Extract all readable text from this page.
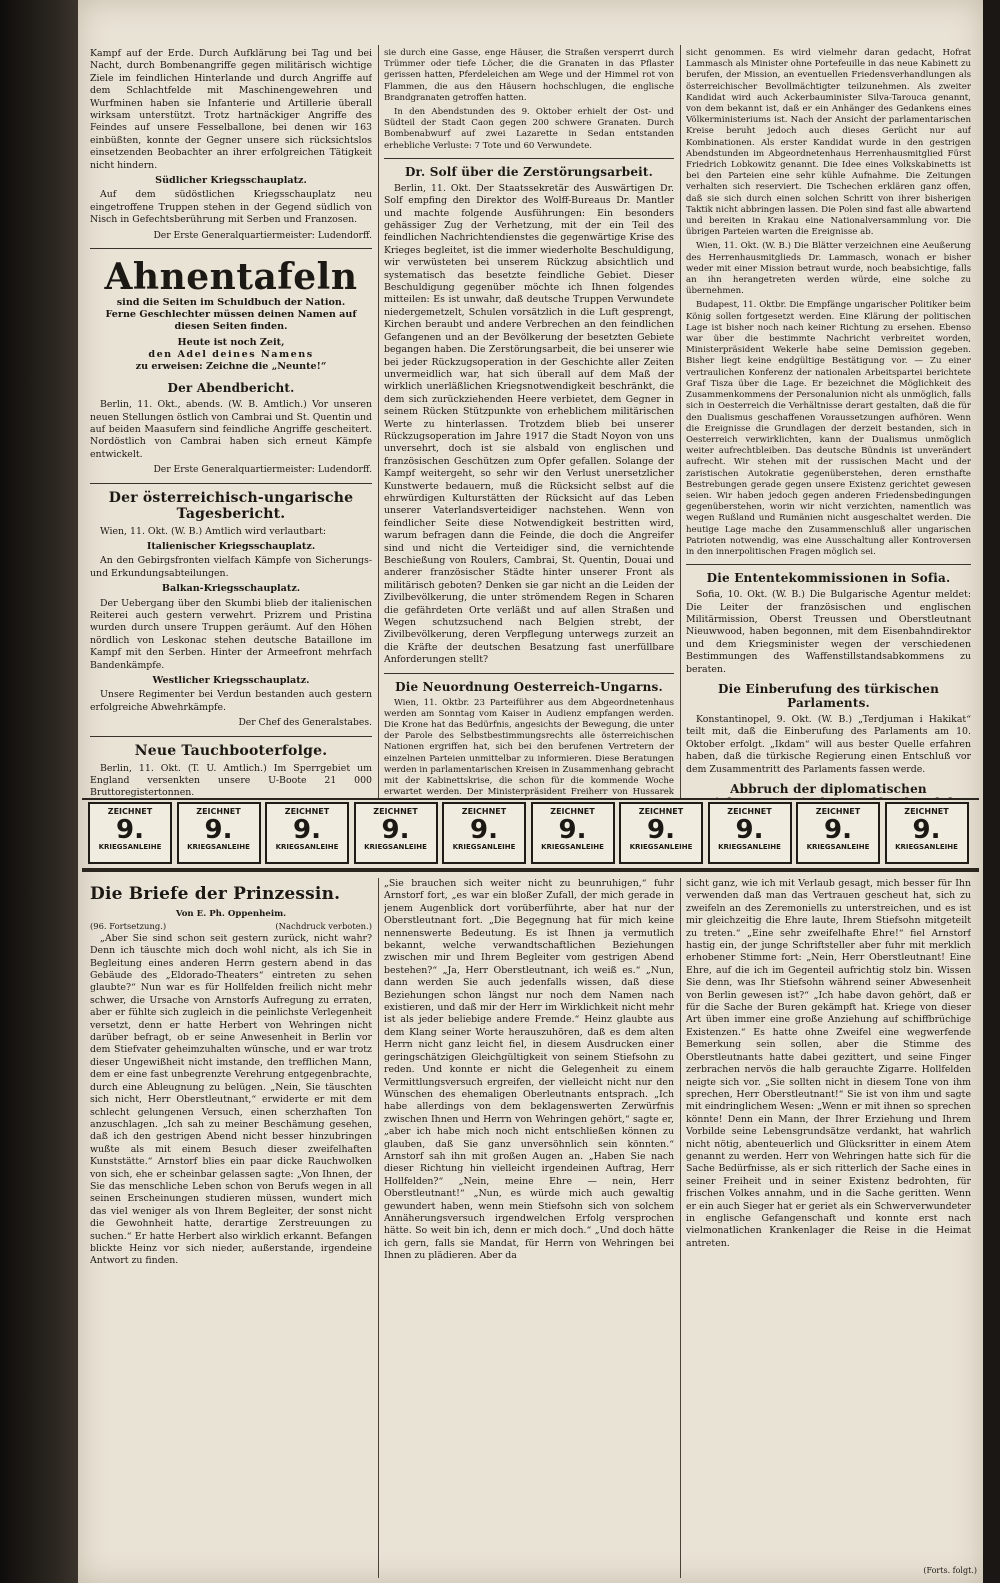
Kampf auf der Erde. Durch Aufklärung bei Tag und bei Nacht, durch Bombenangriffe gegen militärisch wichtige Ziele im feindlichen Hinterlande und durch Angriffe auf dem Schlachtfelde mit Maschinengewehren und Wurfminen haben sie Infanterie und Artillerie überall wirksam unterstützt. Trotz hartnäckiger Angriffe des Feindes auf unsere Fesselballone, bei denen wir 163 einbüßten, konnte der Gegner unsere sich rücksichtslos einsetzenden Beobachter an ihrer erfolgreichen Tätigkeit nicht hindern.

Südlicher Kriegsschauplatz.

Auf dem südöstlichen Kriegsschauplatz neu eingetroffene Truppen stehen in der Gegend südlich von Nisch in Gefechtsberührung mit Serben und Franzosen.

Der Erste Generalquartiermeister: Ludendorff.
Ahnentafeln
sind die Seiten im Schuldbuch der Nation.
Ferne Geschlechter müssen deinen Namen auf diesen Seiten finden.
Heute ist noch Zeit,
den Adel deines Namens
zu erweisen: Zeichne die „Neunte!“
Der Abendbericht.

Berlin, 11. Okt., abends. (W. B. Amtlich.) Vor unseren neuen Stellungen östlich von Cambrai und St. Quentin und auf beiden Maasufern sind feindliche Angriffe gescheitert. Nordöstlich von Cambrai haben sich erneut Kämpfe entwickelt.

Der Erste Generalquartiermeister: Ludendorff.
Der österreichisch-ungarische Tagesbericht.

Wien, 11. Okt. (W. B.) Amtlich wird verlautbart:

Italienischer Kriegsschauplatz.

An den Gebirgsfronten vielfach Kämpfe von Sicherungs- und Erkundungsabteilungen.

Balkan-Kriegsschauplatz.

Der Uebergang über den Skumbi blieb der italienischen Reiterei auch gestern verwehrt. Prizrem und Pristina wurden durch unsere Truppen geräumt. Auf den Höhen nördlich von Leskonac stehen deutsche Bataillone im Kampf mit den Serben. Hinter der Armeefront mehrfach Bandenkämpfe.

Westlicher Kriegsschauplatz.

Unsere Regimenter bei Verdun bestanden auch gestern erfolgreiche Abwehrkämpfe.

Der Chef des Generalstabes.
Neue Tauchbooterfolge.

Berlin, 11. Okt. (T. U. Amtlich.) Im Sperrgebiet um England versenkten unsere U-Boote 21 000 Bruttoregistertonnen.

sie durch eine Gasse, enge Häuser, die Straßen versperrt durch Trümmer oder tiefe Löcher, die die Granaten in das Pflaster gerissen hatten, Pferdeleichen am Wege und der Himmel rot von Flammen, die aus den Häusern hochschlugen, die englische Brandgranaten getroffen hatten.

In den Abendstunden des 9. Oktober erhielt der Ost- und Südteil der Stadt Caon gegen 200 schwere Granaten. Durch Bombenabwurf auf zwei Lazarette in Sedan entstanden erhebliche Verluste: 7 Tote und 60 Verwundete.

Dr. Solf über die Zerstörungsarbeit.

Berlin, 11. Okt. Der Staatssekretär des Auswärtigen Dr. Solf empfing den Direktor des Wolff-Bureaus Dr. Mantler und machte folgende Ausführungen: Ein besonders gehässiger Zug der Verhetzung, mit der ein Teil des feindlichen Nachrichtendienstes die gegenwärtige Krise des Krieges begleitet, ist die immer wiederholte Beschuldigung, wir verwüsteten bei unserem Rückzug absichtlich und systematisch das besetzte feindliche Gebiet. Dieser Beschuldigung gegenüber möchte ich Ihnen folgendes mitteilen: Es ist unwahr, daß deutsche Truppen Verwundete niedergemetzelt, Schulen vorsätzlich in die Luft gesprengt, Kirchen beraubt und andere Verbrechen an den feindlichen Gefangenen und an der Bevölkerung der besetzten Gebiete begangen haben. Die Zerstörungsarbeit, die bei unserer wie bei jeder Rückzugsoperation in der Geschichte aller Zeiten unvermeidlich war, hat sich überall auf dem Maß der wirklich unerläßlichen Kriegsnotwendigkeit beschränkt, die dem sich zurückziehenden Heere verbietet, dem Gegner in seinem Rücken Stützpunkte von erheblichem militärischen Werte zu hinterlassen. Trotzdem blieb bei unserer Rückzugsoperation im Jahre 1917 die Stadt Noyon von uns unversehrt, doch ist sie alsbald von englischen und französischen Geschützen zum Opfer gefallen. Solange der Kampf weitergeht, so sehr wir den Verlust unersetzlicher Kunstwerte bedauern, muß die Rücksicht selbst auf die ehrwürdigen Kulturstätten der Rücksicht auf das Leben unserer Vaterlandsverteidiger nachstehen. Wenn von feindlicher Seite diese Notwendigkeit bestritten wird, warum befragen dann die Feinde, die doch die Angreifer sind und nicht die Verteidiger sind, die vernichtende Beschießung von Roulers, Cambrai, St. Quentin, Douai und anderer französischer Städte hinter unserer Front als militärisch geboten? Denken sie gar nicht an die Leiden der Zivilbevölkerung, die unter strömendem Regen in Scharen die gefährdeten Orte verläßt und auf allen Straßen und Wegen schutzsuchend nach Belgien strebt, der Zivilbevölkerung, deren Verpflegung unterwegs zurzeit an die Kräfte der deutschen Besatzung fast unerfüllbare Anforderungen stellt?

Die Neuordnung Oesterreich-Ungarns.

Wien, 11. Oktbr. 23 Parteiführer aus dem Abgeordnetenhaus werden am Sonntag vom Kaiser in Audienz empfangen werden. Die Krone hat das Bedürfnis, angesichts der Bewegung, die unter der Parole des Selbstbestimmungsrechts alle österreichischen Nationen ergriffen hat, sich bei den berufenen Vertretern der einzelnen Parteien unmittelbar zu informieren. Diese Beratungen werden in parlamentarischen Kreisen in Zusammenhang gebracht mit der Kabinettskrise, die schon für die kommende Woche erwartet werden. Der Ministerpräsident Freiherr von Hussarek

sicht genommen. Es wird vielmehr daran gedacht, Hofrat Lammasch als Minister ohne Portefeuille in das neue Kabinett zu berufen, der Mission, an eventuellen Friedensverhandlungen als österreichischer Bevollmächtigter teilzunehmen. Als zweiter Kandidat wird auch Ackerbauminister Silva-Tarouca genannt, von dem bekannt ist, daß er ein Anhänger des Gedankens eines Völkerministeriums ist. Nach der Ansicht der parlamentarischen Kreise beruht jedoch auch dieses Gerücht nur auf Kombinationen. Als erster Kandidat wurde in den gestrigen Abendstunden im Abgeordnetenhaus Herrenhausmitglied Fürst Friedrich Lobkowitz genannt. Die Idee eines Volkskabinetts ist bei den Parteien eine sehr kühle Aufnahme. Die Zeitungen verhalten sich reserviert. Die Tschechen erklären ganz offen, daß sie sich durch einen solchen Schritt von ihrer bisherigen Taktik nicht abbringen lassen. Die Polen sind fast alle abwartend und bereiten in Krakau eine Nationalversammlung vor. Die übrigen Parteien warten die Ereignisse ab.

Wien, 11. Okt. (W. B.) Die Blätter verzeichnen eine Aeußerung des Herrenhausmitglieds Dr. Lammasch, wonach er bisher weder mit einer Mission betraut wurde, noch beabsichtige, falls an ihn herangetreten werden würde, eine solche zu übernehmen.

Budapest, 11. Oktbr. Die Empfänge ungarischer Politiker beim König sollen fortgesetzt werden. Eine Klärung der politischen Lage ist bisher noch nach keiner Richtung zu ersehen. Ebenso war über die bestimmte Nachricht verbreitet worden, Ministerpräsident Wekerle habe seine Demission gegeben. Bisher liegt keine endgültige Bestätigung vor. — Zu einer vertraulichen Konferenz der nationalen Arbeitspartei berichtete Graf Tisza über die Lage. Er bezeichnet die Möglichkeit des Zusammenkommens der Personalunion nicht als unmöglich, falls sich in Oesterreich die Verhältnisse derart gestalten, daß die für den Dualismus geschaffenen Voraussetzungen aufhören. Wenn die Ereignisse die Grundlagen der derzeit bestanden, sich in Oesterreich verwirklichten, kann der Dualismus unmöglich weiter aufrechtbleiben. Das deutsche Bündnis ist unverändert aufrecht. Wir stehen mit der russischen Macht und der zaristischen Autokratie gegenüberstehen, deren ernsthafte Bestrebungen gerade gegen unsere Existenz gerichtet gewesen seien. Wir haben jedoch gegen anderen Friedensbedingungen gegenüberstehen, worin wir nicht verzichten, namentlich was wegen Rußland und Rumänien nicht ausgeschaltet werden. Die heutige Lage mache den Zusammenschluß aller ungarischen Patrioten notwendig, was eine Ausschaltung aller Kontroversen in den innerpolitischen Fragen möglich sei.

Die Ententekommissionen in Sofia.

Sofia, 10. Okt. (W. B.) Die Bulgarische Agentur meldet: Die Leiter der französischen und englischen Militärmission, Oberst Treussen und Oberstleutnant Nieuwwood, haben begonnen, mit dem Eisenbahndirektor und dem Kriegsminister wegen der verschiedenen Bestimmungen des Waffenstillstandsabkommens zu beraten.

Die Einberufung des türkischen Parlaments.

Konstantinopel, 9. Okt. (W. B.) „Terdjuman i Hakikat“ teilt mit, daß die Einberufung des Parlaments am 10. Oktober erfolgt. „Ikdam“ will aus bester Quelle erfahren haben, daß die türkische Regierung einen Entschluß vor dem Zusammentritt des Parlaments fassen werde.

Abbruch der diplomatischen

ZEICHNET
9.
KRIEGSANLEIHE
ZEICHNET
9.
KRIEGSANLEIHE
ZEICHNET
9.
KRIEGSANLEIHE
ZEICHNET
9.
KRIEGSANLEIHE
ZEICHNET
9.
KRIEGSANLEIHE
ZEICHNET
9.
KRIEGSANLEIHE
ZEICHNET
9.
KRIEGSANLEIHE
ZEICHNET
9.
KRIEGSANLEIHE
ZEICHNET
9.
KRIEGSANLEIHE
ZEICHNET
9.
KRIEGSANLEIHE
Die Briefe der Prinzessin.
Von E. Ph. Oppenheim.
(96. Fortsetzung.)	(Nachdruck verboten.)

„Aber Sie sind schon seit gestern zurück, nicht wahr? Denn ich täuschte mich doch wohl nicht, als ich Sie in Begleitung eines anderen Herrn gestern abend in das Gebäude des „Eldorado-Theaters“ eintreten zu sehen glaubte?“ Nun war es für Hollfelden freilich nicht mehr schwer, die Ursache von Arnstorfs Aufregung zu erraten, aber er fühlte sich zugleich in die peinlichste Verlegenheit versetzt, denn er hatte Herbert von Wehringen nicht darüber befragt, ob er seine Anwesenheit in Berlin vor dem Stiefvater geheimzuhalten wünsche, und er war trotz dieser Ungewißheit nicht imstande, den trefflichen Mann, dem er eine fast unbegrenzte Verehrung entgegenbrachte, durch eine Ableugnung zu belügen. „Nein, Sie täuschten sich nicht, Herr Oberstleutnant,“ erwiderte er mit dem schlecht gelungenen Versuch, einen scherzhaften Ton anzuschlagen. „Ich sah zu meiner Beschämung gesehen, daß ich den gestrigen Abend nicht besser hinzubringen wußte als mit einem Besuch dieser zweifelhaften Kunststätte.“ Arnstorf blies ein paar dicke Rauchwolken von sich, ehe er scheinbar gelassen sagte: „Von Ihnen, der Sie das menschliche Leben schon von Berufs wegen in all seinen Erscheinungen studieren müssen, wundert mich das viel weniger als von Ihrem Begleiter, der sonst nicht die Gewohnheit hatte, derartige Zerstreuungen zu suchen.“ Er hatte Herbert also wirklich erkannt. Befangen blickte Heinz vor sich nieder, außerstande, irgendeine Antwort zu finden.

„Sie brauchen sich weiter nicht zu beunruhigen,“ fuhr Arnstorf fort, „es war ein bloßer Zufall, der mich gerade in jenem Augenblick dort vorüberführte, aber hat nur der Oberstleutnant fort. „Die Begegnung hat für mich keine nennenswerte Bedeutung. Es ist Ihnen ja vermutlich bekannt, welche verwandtschaftlichen Beziehungen zwischen mir und Ihrem Begleiter vom gestrigen Abend bestehen?“ „Ja, Herr Oberstleutnant, ich weiß es.“ „Nun, dann werden Sie auch jedenfalls wissen, daß diese Beziehungen schon längst nur noch dem Namen nach existieren, und daß mir der Herr im Wirklichkeit nicht mehr ist als jeder beliebige andere Fremde.“ Heinz glaubte aus dem Klang seiner Worte herauszuhören, daß es dem alten Herrn nicht ganz leicht fiel, in diesem Ausdrucken einer geringschätzigen Gleichgültigkeit von seinem Stiefsohn zu reden. Und konnte er nicht die Gelegenheit zu einem Vermittlungsversuch ergreifen, der vielleicht nicht nur den Wünschen des ehemaligen Oberleutnants entsprach. „Ich habe allerdings von dem beklagenswerten Zerwürfnis zwischen Ihnen und Herrn von Wehringen gehört,“ sagte er, „aber ich habe mich noch nicht entschließen können zu glauben, daß Sie ganz unversöhnlich sein könnten.“ Arnstorf sah ihn mit großen Augen an. „Haben Sie nach dieser Richtung hin vielleicht irgendeinen Auftrag, Herr Hollfelden?“ „Nein, meine Ehre — nein, Herr Oberstleutnant!“ „Nun, es würde mich auch gewaltig gewundert haben, wenn mein Stiefsohn sich von solchem Annäherungsversuch irgendwelchen Erfolg versprochen hätte. So weit bin ich, denn er mich doch.“ „Und doch hätte ich gern, falls sie Mandat, für Herrn von Wehringen bei Ihnen zu plädieren. Aber da

sicht ganz, wie ich mit Verlaub gesagt, mich besser für Ihn verwenden daß man das Vertrauen gescheut hat, sich zu zweifeln an des Zeremoniells zu unterstreichen, und es ist mir gleichzeitig die Ehre laute, Ihrem Stiefsohn mitgeteilt zu treten.“ „Eine sehr zweifelhafte Ehre!“ fiel Arnstorf hastig ein, der junge Schriftsteller aber fuhr mit merklich erhobener Stimme fort: „Nein, Herr Oberstleutnant! Eine Ehre, auf die ich im Gegenteil aufrichtig stolz bin. Wissen Sie denn, was Ihr Stiefsohn während seiner Abwesenheit von Berlin gewesen ist?“ „Ich habe davon gehört, daß er für die Sache der Buren gekämpft hat. Kriege von dieser Art üben immer eine große Anziehung auf schiffbrüchige Existenzen.“ Es hatte ohne Zweifel eine wegwerfende Bemerkung sein sollen, aber die Stimme des Oberstleutnants hatte dabei gezittert, und seine Finger zerbrachen nervös die halb gerauchte Zigarre. Hollfelden neigte sich vor. „Sie sollten nicht in diesem Tone von ihm sprechen, Herr Oberstleutnant!“ Sie ist von ihm und sagte mit eindringlichem Wesen: „Wenn er mit ihnen so sprechen könnte! Denn ein Mann, der Ihrer Erziehung und Ihrem Vorbilde seine Lebensgrundsätze verdankt, hat wahrlich nicht nötig, abenteuerlich und Glücksritter in einem Atem genannt zu werden. Herr von Wehringen hatte sich für die Sache Bedürfnisse, als er sich ritterlich der Sache eines in seiner Freiheit und in seiner Existenz bedrohten, für frischen Volkes annahm, und in die Sache geritten. Wenn er ein auch Sieger hat er geriet als ein Schwerverwundeter in englische Gefangenschaft und konnte erst nach vielmonatlichen Krankenlager die Reise in die Heimat antreten.

(Forts. folgt.)
